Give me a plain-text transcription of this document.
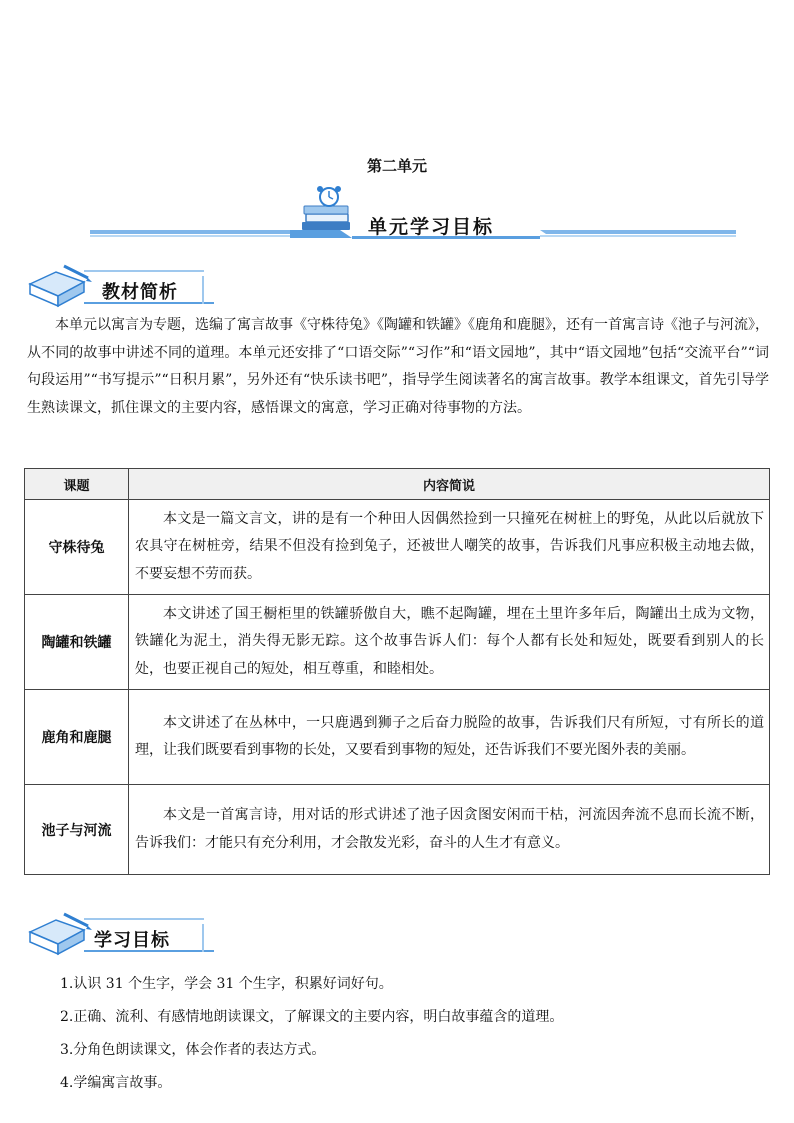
第二单元
单元学习目标
教材简析

本单元以寓言为专题，选编了寓言故事《守株待兔》《陶罐和铁罐》《鹿角和鹿腿》，还有一首寓言诗《池子与河流》，从不同的故事中讲述不同的道理。本单元还安排了“口语交际”“习作”和“语文园地”，其中“语文园地”包括“交流平台”“词句段运用”“书写提示”“日积月累”，另外还有“快乐读书吧”，指导学生阅读著名的寓言故事。教学本组课文，首先引导学生熟读课文，抓住课文的主要内容，感悟课文的寓意，学习正确对待事物的方法。

课题	内容简说
守株待兔	本文是一篇文言文，讲的是有一个种田人因偶然捡到一只撞死在树桩上的野兔，从此以后就放下农具守在树桩旁，结果不但没有捡到兔子，还被世人嘲笑的故事，告诉我们凡事应积极主动地去做，不要妄想不劳而获。
陶罐和铁罐	本文讲述了国王橱柜里的铁罐骄傲自大，瞧不起陶罐，埋在土里许多年后，陶罐出土成为文物，铁罐化为泥土，消失得无影无踪。这个故事告诉人们：每个人都有长处和短处，既要看到别人的长处，也要正视自己的短处，相互尊重，和睦相处。
鹿角和鹿腿	本文讲述了在丛林中，一只鹿遇到狮子之后奋力脱险的故事，告诉我们尺有所短，寸有所长的道理，让我们既要看到事物的长处，又要看到事物的短处，还告诉我们不要光图外表的美丽。
池子与河流	本文是一首寓言诗，用对话的形式讲述了池子因贪图安闲而干枯，河流因奔流不息而长流不断，告诉我们：才能只有充分利用，才会散发光彩，奋斗的人生才有意义。
学习目标
1.认识 31 个生字，学会 31 个生字，积累好词好句。
2.正确、流利、有感情地朗读课文，了解课文的主要内容，明白故事蕴含的道理。
3.分角色朗读课文，体会作者的表达方式。
4.学编寓言故事。
